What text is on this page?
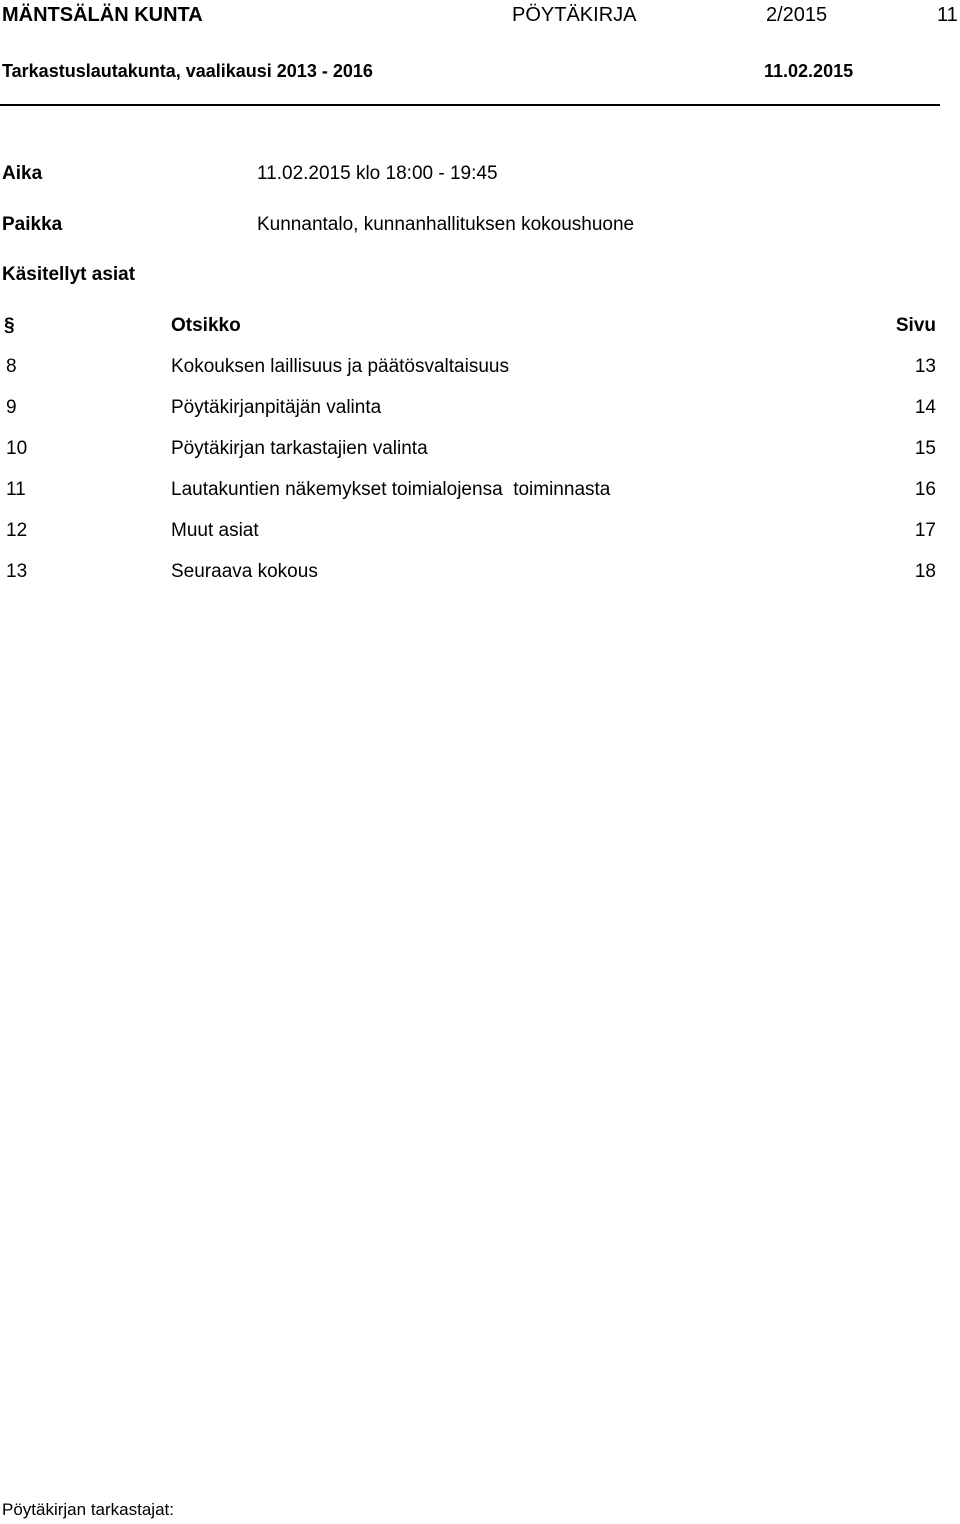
MÄNTSÄLÄN KUNTA	PÖYTÄKIRJA	2/2015	11
Tarkastuslautakunta, vaalikausi 2013 - 2016	11.02.2015
Aika	11.02.2015 klo 18:00 - 19:45
Paikka	Kunnantalo, kunnanhallituksen kokoushuone
Käsitellyt asiat
§	Otsikko	Sivu
8	Kokouksen laillisuus ja päätösvaltaisuus	13
9	Pöytäkirjanpitäjän valinta	14
10	Pöytäkirjan tarkastajien valinta	15
11	Lautakuntien näkemykset toimialojensa  toiminnasta	16
12	Muut asiat	17
13	Seuraava kokous	18
Pöytäkirjan tarkastajat:
